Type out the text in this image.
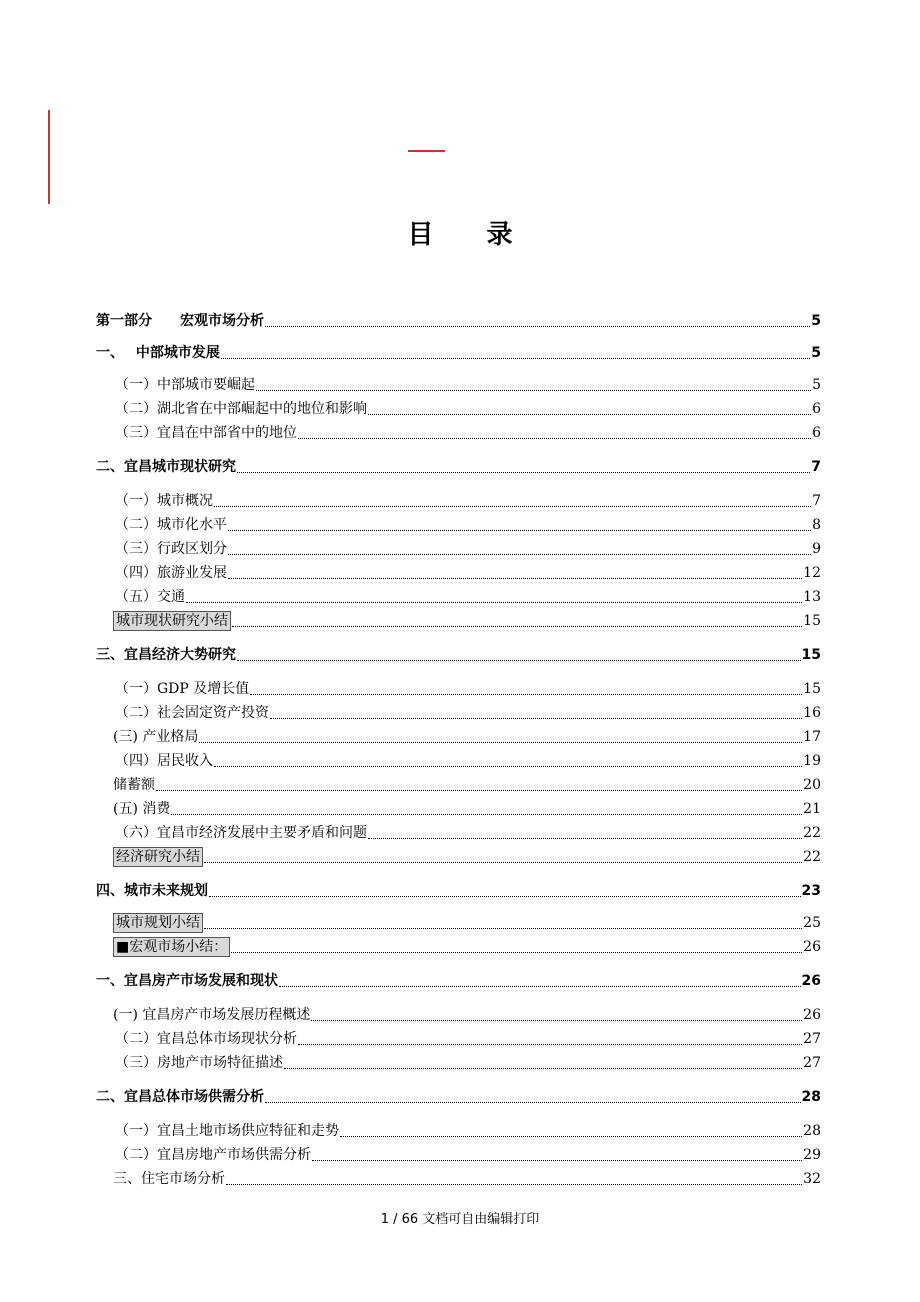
目 录
第一部分　　宏观市场分析	5
一、　 中部城市发展	5
（一）中部城市要崛起	5
（二）湖北省在中部崛起中的地位和影响	6
（三）宜昌在中部省中的地位	6
二、宜昌城市现状研究	7
（一）城市概况	7
（二）城市化水平	8
（三）行政区划分	9
（四）旅游业发展	12
（五）交通	13
城市现状研究小结	15
三、宜昌经济大势研究	15
（一）GDP 及增长值	15
（二）社会固定资产投资	16
(三) 产业格局	17
（四）居民收入	19
储蓄额	20
(五) 消费	21
（六）宜昌市经济发展中主要矛盾和问题	22
经济研究小结	22
四、城市未来规划	23
城市规划小结	25
■宏观市场小结：	26
一、宜昌房产市场发展和现状	26
(一) 宜昌房产市场发展历程概述	26
（二）宜昌总体市场现状分析	27
（三）房地产市场特征描述	27
二、宜昌总体市场供需分析	28
（一）宜昌土地市场供应特征和走势	28
（二）宜昌房地产市场供需分析	29
三、住宅市场分析	32
1 / 66 文档可自由编辑打印
